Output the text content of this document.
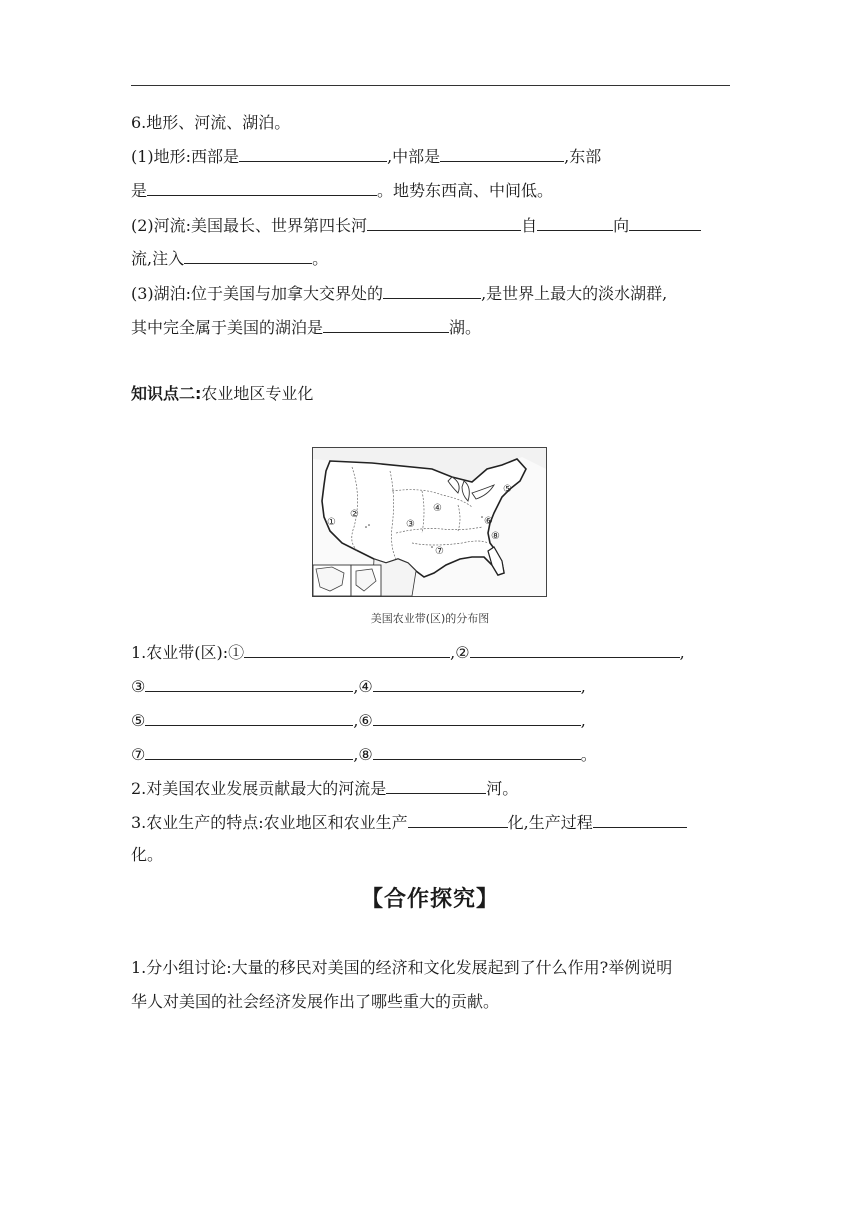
6.地形、河流、湖泊。
(1)地形:西部是	,中部是	,东部
是	。地势东西高、中间低。
(2)河流:美国最长、世界第四长河	自	向
流,注入	。
(3)湖泊:位于美国与加拿大交界处的	,是世界上最大的淡水湖群,
其中完全属于美国的湖泊是	湖。
知识点二:农业地区专业化
①
②
③
④
⑤
⑥
⑦
⑧
美国农业带(区)的分布图
1.农业带(区):①	,②	,
③	,④	,
⑤	,⑥	,
⑦	,⑧	。
2.对美国农业发展贡献最大的河流是	河。
3.农业生产的特点:农业地区和农业生产	化,生产过程
化。
【合作探究】
1.分小组讨论:大量的移民对美国的经济和文化发展起到了什么作用?举例说明
华人对美国的社会经济发展作出了哪些重大的贡献。
